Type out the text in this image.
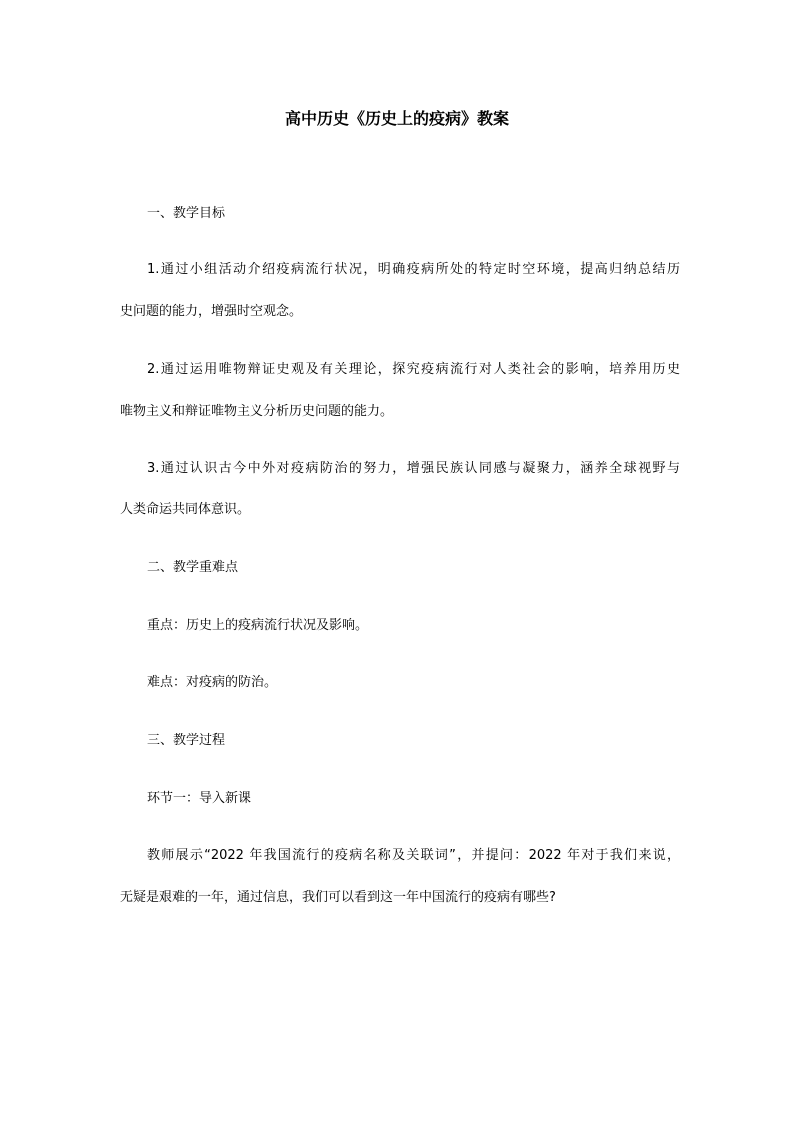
高中历史《历史上的疫病》教案
一、教学目标
1.通过小组活动介绍疫病流行状况，明确疫病所处的特定时空环境，提高归纳总结历
史问题的能力，增强时空观念。
2.通过运用唯物辩证史观及有关理论，探究疫病流行对人类社会的影响，培养用历史
唯物主义和辩证唯物主义分析历史问题的能力。
3.通过认识古今中外对疫病防治的努力，增强民族认同感与凝聚力，涵养全球视野与
人类命运共同体意识。
二、教学重难点
重点：历史上的疫病流行状况及影响。
难点：对疫病的防治。
三、教学过程
环节一：导入新课
教师展示“2022 年我国流行的疫病名称及关联词”，并提问：2022 年对于我们来说，
无疑是艰难的一年，通过信息，我们可以看到这一年中国流行的疫病有哪些?
